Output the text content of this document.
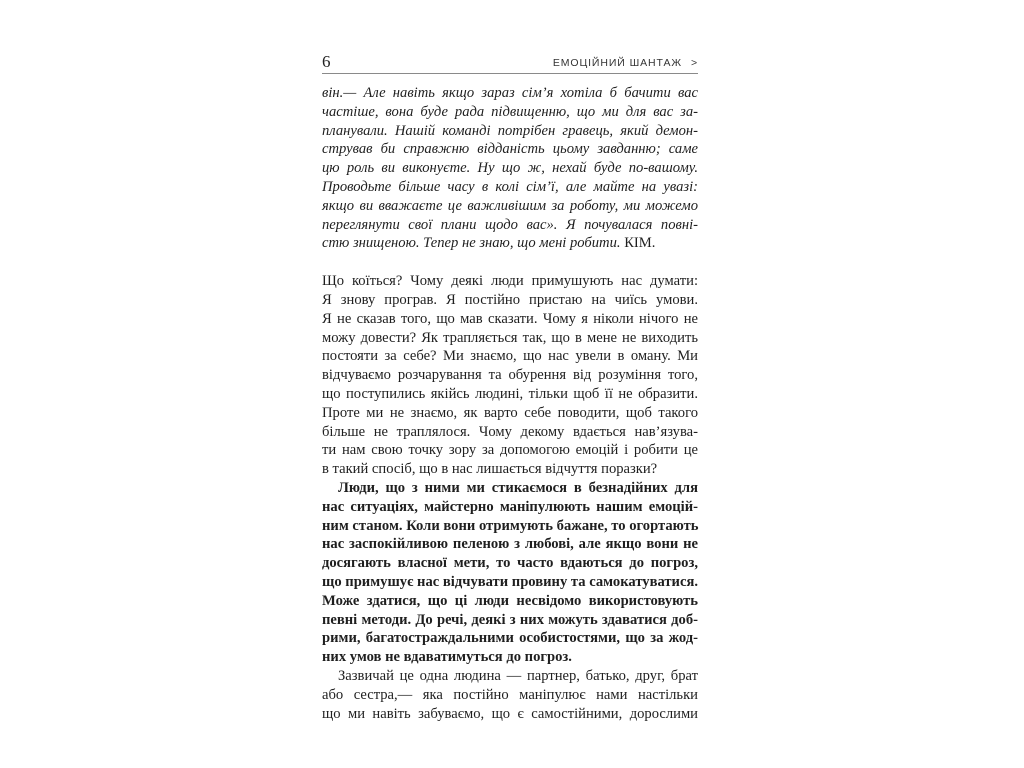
6	ЕМОЦІЙНИЙ ШАНТАЖ >
він.— Але навіть якщо зараз сім’я хотіла б бачити вас
частіше, вона буде рада підвищенню, що ми для вас за-
планували. Нашій команді потрібен гравець, який демон-
стрував би справжню відданість цьому завданню; саме
цю роль ви виконуєте. Ну що ж, нехай буде по-вашому.
Проводьте більше часу в колі сім’ї, але майте на увазі:
якщо ви вважаєте це важливішим за роботу, ми можемо
переглянути свої плани щодо вас». Я почувалася повні-
стю знищеною. Тепер не знаю, що мені робити. КІМ.
Що коїться? Чому деякі люди примушують нас думати:
Я знову програв. Я постійно пристаю на чиїсь умови.
Я не сказав того, що мав сказати. Чому я ніколи нічого не
можу довести? Як трапляється так, що в мене не виходить
постояти за себе? Ми знаємо, що нас увели в оману. Ми
відчуваємо розчарування та обурення від розуміння того,
що поступились якійсь людині, тільки щоб її не образити.
Проте ми не знаємо, як варто себе поводити, щоб такого
більше не траплялося. Чому декому вдається нав’язува-
ти нам свою точку зору за допомогою емоцій і робити це
в такий спосіб, що в нас лишається відчуття поразки?
Люди, що з ними ми стикаємося в безнадійних для
нас ситуаціях, майстерно маніпулюють нашим емоцій-
ним станом. Коли вони отримують бажане, то огортають
нас заспокійливою пеленою з любові, але якщо вони не
досягають власної мети, то часто вдаються до погроз,
що примушує нас відчувати провину та самокатуватися.
Може здатися, що ці люди несвідомо використовують
певні методи. До речі, деякі з них можуть здаватися доб-
рими, багатостраждальними особистостями, що за жод-
них умов не вдаватимуться до погроз.
Зазвичай це одна людина — партнер, батько, друг, брат
або сестра,— яка постійно маніпулює нами настільки
що ми навіть забуваємо, що є самостійними, дорослими
